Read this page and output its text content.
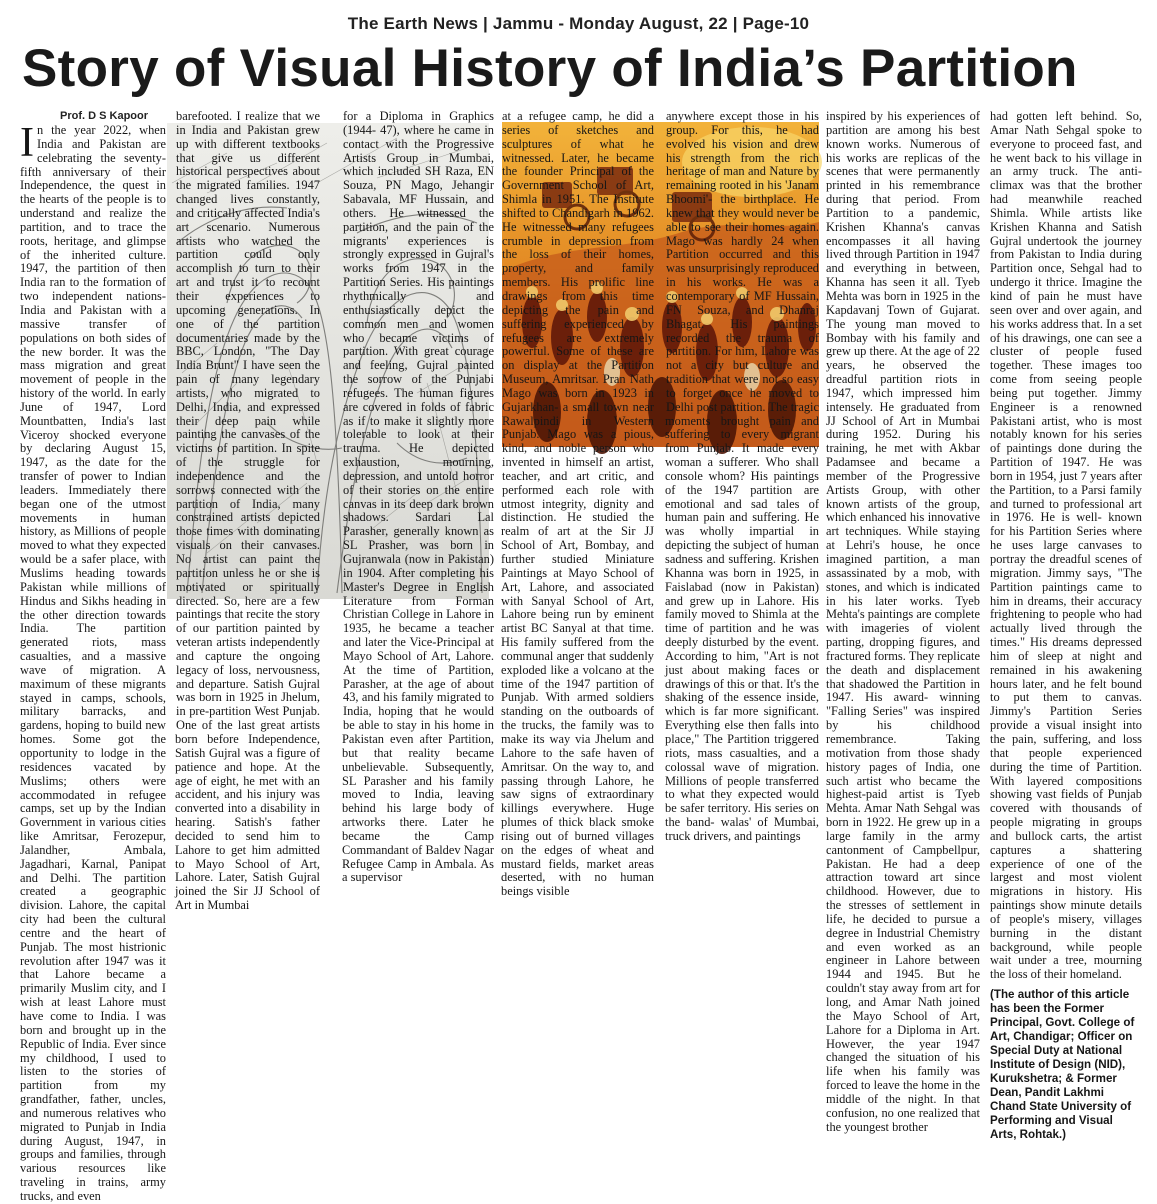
The Earth News | Jammu - Monday August, 22 | Page-10
Story of Visual History of India’s Partition
Prof. D S Kapoor
In the year 2022, when India and Pakistan are celebrating the seventy-fifth anniversary of their Independence, the quest in the hearts of the people is to understand and realize the partition, and to trace the roots, heritage, and glimpse of the inherited culture. 1947, the partition of then India ran to the formation of two independent nations- India and Pakistan with a massive transfer of populations on both sides of the new border. It was the mass migration and great movement of people in the history of the world. In early June of 1947, Lord Mountbatten, India's last Viceroy shocked everyone by declaring August 15, 1947, as the date for the transfer of power to Indian leaders. Immediately there began one of the utmost movements in human history, as Millions of people moved to what they expected would be a safer place, with Muslims heading towards Pakistan while millions of Hindus and Sikhs heading in the other direction towards India. The partition generated riots, mass casualties, and a massive wave of migration. A maximum of these migrants stayed in camps, schools, military barracks, and gardens, hoping to build new homes. Some got the opportunity to lodge in the residences vacated by Muslims; others were accommodated in refugee camps, set up by the Indian Government in various cities like Amritsar, Ferozepur, Jalandher, Ambala, Jagadhari, Karnal, Panipat and Delhi. The partition created a geographic division. Lahore, the capital city had been the cultural centre and the heart of Punjab. The most histrionic revolution after 1947 was it that Lahore became a primarily Muslim city, and I wish at least Lahore must have come to India. I was born and brought up in the Republic of India. Ever since my childhood, I used to listen to the stories of partition from my grandfather, father, uncles, and numerous relatives who migrated to Punjab in India during August, 1947, in groups and families, through various resources like traveling in trains, army trucks, and even
barefooted. I realize that we in India and Pakistan grew up with different textbooks that give us different historical perspectives about the migrated families. 1947 changed lives constantly, and critically affected India's art scenario. Numerous artists who watched the partition could only accomplish to turn to their art and trust it to recount their experiences to upcoming generations. In one of the partition documentaries made by the BBC, London, "The Day India Brunt" I have seen the pain of many legendary artists, who migrated to Delhi, India, and expressed their deep pain while painting the canvases of the victims of partition. In spite of the struggle for independence and the sorrows connected with the partition of India, many constrained artists depicted those times with dominating visuals on their canvases. No artist can paint the partition unless he or she is motivated or spiritually directed. So, here are a few paintings that recite the story of our partition painted by veteran artists independently and capture the ongoing legacy of loss, nervousness, and departure. Satish Gujral was born in 1925 in Jhelum, in pre-partition West Punjab. One of the last great artists born before Independence, Satish Gujral was a figure of patience and hope. At the age of eight, he met with an accident, and his injury was converted into a disability in hearing. Satish's father decided to send him to Lahore to get him admitted to Mayo School of Art, Lahore. Later, Satish Gujral joined the Sir JJ School of Art in Mumbai
for a Diploma in Graphics (1944- 47), where he came in contact with the Progressive Artists Group in Mumbai, which included SH Raza, EN Souza, PN Mago, Jehangir Sabavala, MF Hussain, and others. He witnessed the partition, and the pain of the migrants' experiences is strongly expressed in Gujral's works from 1947 in the Partition Series. His paintings rhythmically and enthusiastically depict the common men and women who became victims of partition. With great courage and feeling, Gujral painted the sorrow of the Punjabi refugees. The human figures are covered in folds of fabric as if to make it slightly more tolerable to look at their trauma. He depicted exhaustion, mourning, depression, and untold horror of their stories on the entire canvas in its deep dark brown shadows. Sardari Lal Parasher, generally known as SL Prasher, was born in Gujranwala (now in Pakistan) in 1904. After completing his Master's Degree in English Literature from Forman Christian College in Lahore in 1935, he became a teacher and later the Vice-Principal at Mayo School of Art, Lahore. At the time of Partition, Parasher, at the age of about 43, and his family migrated to India, hoping that he would be able to stay in his home in Pakistan even after Partition, but that reality became unbelievable. Subsequently, SL Parasher and his family moved to India, leaving behind his large body of artworks there. Later he became the Camp Commandant of Baldev Nagar Refugee Camp in Ambala. As a supervisor
at a refugee camp, he did a series of sketches and sculptures of what he witnessed. Later, he became the founder Principal of the Government School of Art, Shimla in 1951. The Institute shifted to Chandigarh in 1962. He witnessed many refugees crumble in depression from the loss of their homes, property, and family members. His prolific line drawings from this time depicting the pain and suffering experienced by refugees are extremely powerful. Some of these are on display at the Partition Museum, Amritsar. Pran Nath Mago was born in 1923 in Gujarkhan- a small town near Rawalpindi in Western Punjab. Mago was a pious, kind, and noble person who invented in himself an artist, teacher, and art critic, and performed each role with utmost integrity, dignity and distinction. He studied the realm of art at the Sir JJ School of Art, Bombay, and further studied Miniature Paintings at Mayo School of Art, Lahore, and associated with Sanyal School of Art, Lahore being run by eminent artist BC Sanyal at that time. His family suffered from the communal anger that suddenly exploded like a volcano at the time of the 1947 partition of Punjab. With armed soldiers standing on the outboards of the trucks, the family was to make its way via Jhelum and Lahore to the safe haven of Amritsar. On the way to, and passing through Lahore, he saw signs of extraordinary killings everywhere. Huge plumes of thick black smoke rising out of burned villages on the edges of wheat and mustard fields, market areas deserted, with no human beings visible
anywhere except those in his group. For this, he had evolved his vision and drew his strength from the rich heritage of man and Nature by remaining rooted in his 'Janam Bhoomi'- the birthplace. He knew that they would never be able to see their homes again. Mago was hardly 24 when Partition occurred and this was unsurprisingly reproduced in his works. He was a contemporary of MF Hussain, FN Souza, and Dhanraj Bhagat. His paintings recorded the trauma of partition. For him, Lahore was not a city but culture and tradition that were not so easy to forget once he moved to Delhi post partition. The tragic moments brought pain and suffering to every migrant from Punjab. It made every woman a sufferer. Who shall console whom? His paintings of the 1947 partition are emotional and sad tales of human pain and suffering. He was wholly impartial in depicting the subject of human sadness and suffering. Krishen Khanna was born in 1925, in Faislabad (now in Pakistan) and grew up in Lahore. His family moved to Shimla at the time of partition and he was deeply disturbed by the event. According to him, "Art is not just about making faces or drawings of this or that. It's the shaking of the essence inside, which is far more significant. Everything else then falls into place," The Partition triggered riots, mass casualties, and a colossal wave of migration. Millions of people transferred to what they expected would be safer territory. His series on the band- walas' of Mumbai, truck drivers, and paintings
inspired by his experiences of partition are among his best known works. Numerous of his works are replicas of the scenes that were permanently printed in his remembrance during that period. From Partition to a pandemic, Krishen Khanna's canvas encompasses it all having lived through Partition in 1947 and everything in between, Khanna has seen it all. Tyeb Mehta was born in 1925 in the Kapdavanj Town of Gujarat. The young man moved to Bombay with his family and grew up there. At the age of 22 years, he observed the dreadful partition riots in 1947, which impressed him intensely. He graduated from JJ School of Art in Mumbai during 1952. During his training, he met with Akbar Padamsee and became a member of the Progressive Artists Group, with other known artists of the group, which enhanced his innovative art techniques. While staying at Lehri's house, he once imagined partition, a man assassinated by a mob, with stones, and which is indicated in his later works. Tyeb Mehta's paintings are complete with imageries of violent parting, dropping figures, and fractured forms. They replicate the death and displacement that shadowed the Partition in 1947. His award- winning "Falling Series" was inspired by his childhood remembrance. Taking motivation from those shady history pages of India, one such artist who became the highest-paid artist is Tyeb Mehta. Amar Nath Sehgal was born in 1922. He grew up in a large family in the army cantonment of Campbellpur, Pakistan. He had a deep attraction toward art since childhood. However, due to the stresses of settlement in life, he decided to pursue a degree in Industrial Chemistry and even worked as an engineer in Lahore between 1944 and 1945. But he couldn't stay away from art for long, and Amar Nath joined the Mayo School of Art, Lahore for a Diploma in Art. However, the year 1947 changed the situation of his life when his family was forced to leave the home in the middle of the night. In that confusion, no one realized that the youngest brother
had gotten left behind. So, Amar Nath Sehgal spoke to everyone to proceed fast, and he went back to his village in an army truck. The anti-climax was that the brother had meanwhile reached Shimla. While artists like Krishen Khanna and Satish Gujral undertook the journey from Pakistan to India during Partition once, Sehgal had to undergo it thrice. Imagine the kind of pain he must have seen over and over again, and his works address that. In a set of his drawings, one can see a cluster of people fused together. These images too come from seeing people being put together. Jimmy Engineer is a renowned Pakistani artist, who is most notably known for his series of paintings done during the Partition of 1947. He was born in 1954, just 7 years after the Partition, to a Parsi family and turned to professional art in 1976. He is well- known for his Partition Series where he uses large canvases to portray the dreadful scenes of migration. Jimmy says, "The Partition paintings came to him in dreams, their accuracy frightening to people who had actually lived through the times." His dreams depressed him of sleep at night and remained in his awakening hours later, and he felt bound to put them to canvas. Jimmy's Partition Series provide a visual insight into the pain, suffering, and loss that people experienced during the time of Partition. With layered compositions showing vast fields of Punjab covered with thousands of people migrating in groups and bullock carts, the artist captures a shattering experience of one of the largest and most violent migrations in history. His paintings show minute details of people's misery, villages burning in the distant background, while people wait under a tree, mourning the loss of their homeland.
(The author of this article has been the Former Principal, Govt. College of Art, Chandigar; Officer on Special Duty at National Institute of Design (NID), Kurukshetra; & Former Dean, Pandit Lakhmi Chand State University of Performing and Visual Arts, Rohtak.)
